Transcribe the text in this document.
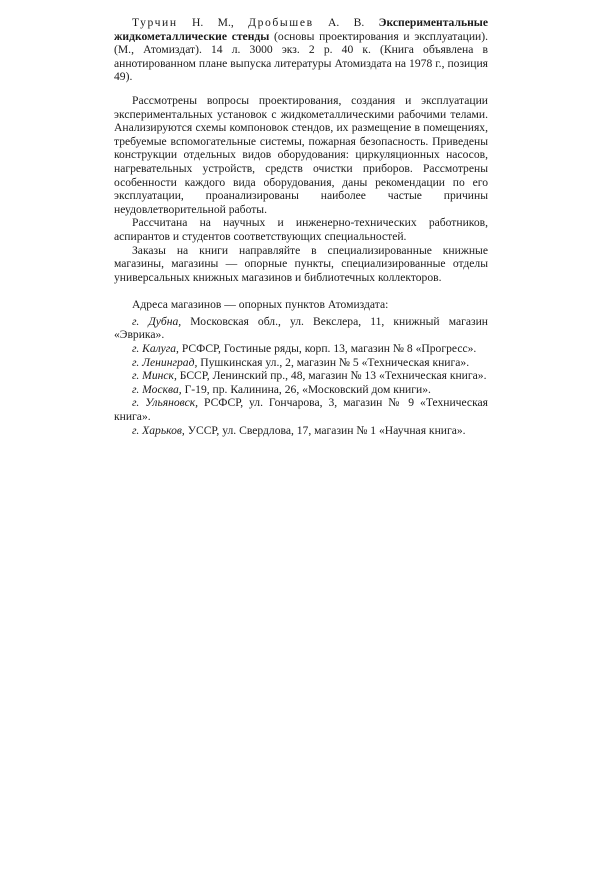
Турчин Н. М., Дробышев А. В. Экспериментальные жидкометаллические стенды (основы проектирования и эксплуатации). (М., Атомиздат). 14 л. 3000 экз. 2 р. 40 к. (Книга объявлена в аннотированном плане выпуска литературы Атомиздата на 1978 г., позиция 49).

Рассмотрены вопросы проектирования, создания и эксплуатации экспериментальных установок с жидкометаллическими рабочими телами. Анализируются схемы компоновок стендов, их размещение в помещениях, требуемые вспомогательные системы, пожарная безопасность. Приведены конструкции отдельных видов оборудования: циркуляционных насосов, нагревательных устройств, средств очистки приборов. Рассмотрены особенности каждого вида оборудования, даны рекомендации по его эксплуатации, проанализированы наиболее частые причины неудовлетворительной работы.

Рассчитана на научных и инженерно-технических работников, аспирантов и студентов соответствующих специальностей.

Заказы на книги направляйте в специализированные книжные магазины, магазины — опорные пункты, специализированные отделы универсальных книжных магазинов и библиотечных коллекторов.

Адреса магазинов — опорных пунктов Атомиздата:

г. Дубна, Московская обл., ул. Векслера, 11, книжный магазин «Эврика».

г. Калуга, РСФСР, Гостиные ряды, корп. 13, магазин № 8 «Прогресс».

г. Ленинград, Пушкинская ул., 2, магазин № 5 «Техническая книга».

г. Минск, БССР, Ленинский пр., 48, магазин № 13 «Техническая книга».

г. Москва, Г-19, пр. Калинина, 26, «Московский дом книги».

г. Ульяновск, РСФСР, ул. Гончарова, 3, магазин № 9 «Техническая книга».

г. Харьков, УССР, ул. Свердлова, 17, магазин № 1 «Научная книга».
